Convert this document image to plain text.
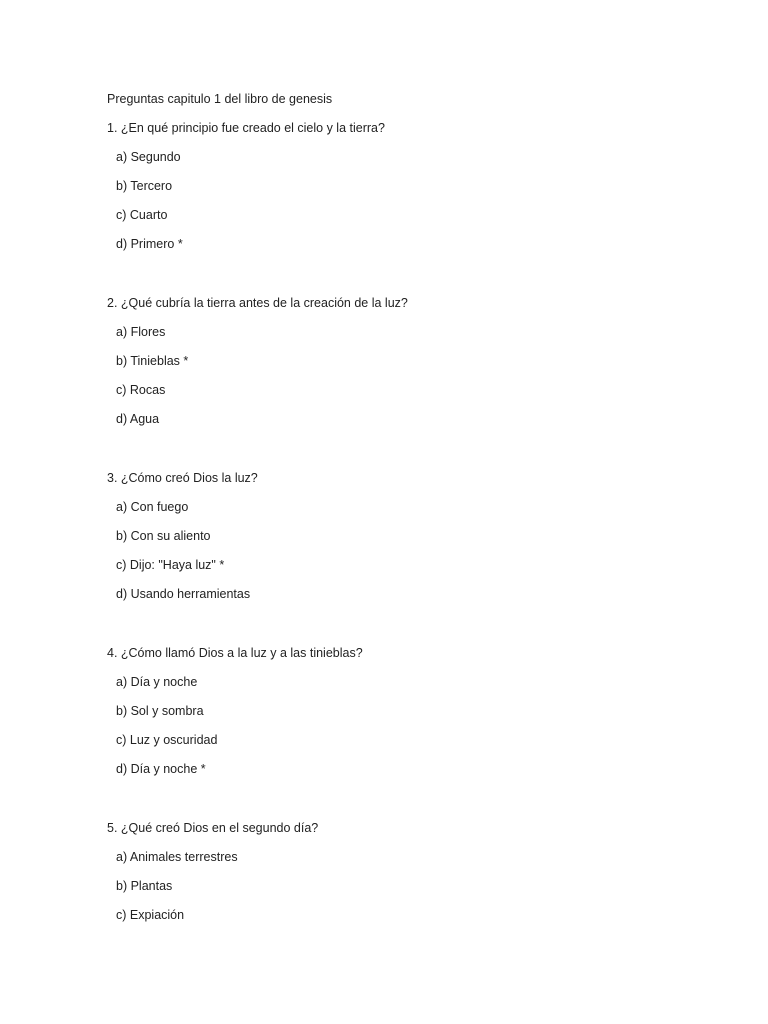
Preguntas capitulo 1 del libro de genesis
1. ¿En qué principio fue creado el cielo y la tierra?
a) Segundo
b) Tercero
c) Cuarto
d) Primero *
2. ¿Qué cubría la tierra antes de la creación de la luz?
a) Flores
b) Tinieblas *
c) Rocas
d) Agua
3. ¿Cómo creó Dios la luz?
a) Con fuego
b) Con su aliento
c) Dijo: "Haya luz" *
d) Usando herramientas
4. ¿Cómo llamó Dios a la luz y a las tinieblas?
a) Día y noche
b) Sol y sombra
c) Luz y oscuridad
d) Día y noche *
5. ¿Qué creó Dios en el segundo día?
a) Animales terrestres
b) Plantas
c) Expiación
